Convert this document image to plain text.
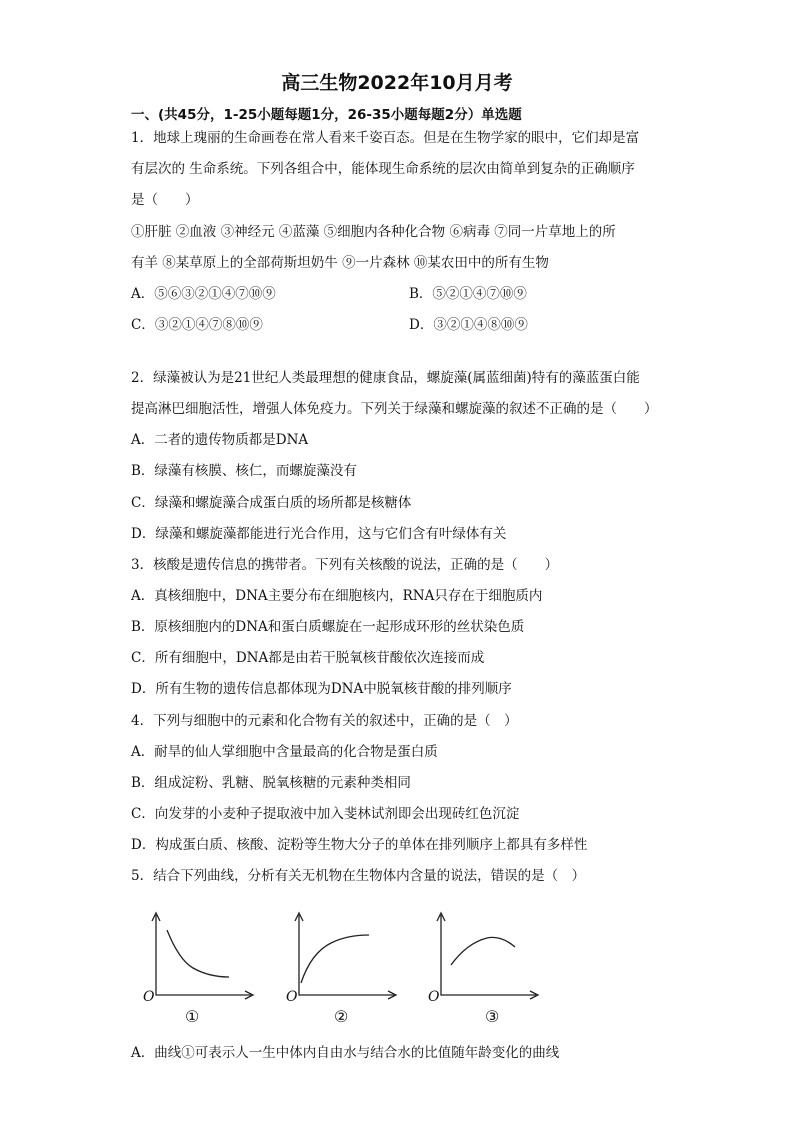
高三生物2022年10月月考
一、(共45分，1-25小题每题1分，26-35小题每题2分）单选题
1．地球上瑰丽的生命画卷在常人看来千姿百态。但是在生物学家的眼中，它们却是富
有层次的 生命系统。下列各组合中，能体现生命系统的层次由简单到复杂的正确顺序
是（　　）
①肝脏 ②血液 ③神经元 ④蓝藻 ⑤细胞内各种化合物 ⑥病毒 ⑦同一片草地上的所
有羊 ⑧某草原上的全部荷斯坦奶牛 ⑨一片森林 ⑩某农田中的所有生物
A．⑤⑥③②①④⑦⑩⑨	B．⑤②①④⑦⑩⑨
C．③②①④⑦⑧⑩⑨	D．③②①④⑧⑩⑨
2．绿藻被认为是21世纪人类最理想的健康食品，螺旋藻(属蓝细菌)特有的藻蓝蛋白能
提高淋巴细胞活性，增强人体免疫力。下列关于绿藻和螺旋藻的叙述不正确的是（　　）
A．二者的遗传物质都是DNA
B．绿藻有核膜、核仁，而螺旋藻没有
C．绿藻和螺旋藻合成蛋白质的场所都是核糖体
D．绿藻和螺旋藻都能进行光合作用，这与它们含有叶绿体有关
3．核酸是遗传信息的携带者。下列有关核酸的说法，正确的是（　　）
A．真核细胞中，DNA主要分布在细胞核内，RNA只存在于细胞质内
B．原核细胞内的DNA和蛋白质螺旋在一起形成环形的丝状染色质
C．所有细胞中，DNA都是由若干脱氧核苷酸依次连接而成
D．所有生物的遗传信息都体现为DNA中脱氧核苷酸的排列顺序
4．下列与细胞中的元素和化合物有关的叙述中，正确的是（　）
A．耐旱的仙人掌细胞中含量最高的化合物是蛋白质
B．组成淀粉、乳糖、脱氧核糖的元素种类相同
C．向发芽的小麦种子提取液中加入斐林试剂即会出现砖红色沉淀
D．构成蛋白质、核酸、淀粉等生物大分子的单体在排列顺序上都具有多样性
5．结合下列曲线，分析有关无机物在生物体内含量的说法，错误的是（　）
O	O	O
①	②	③
A．曲线①可表示人一生中体内自由水与结合水的比值随年龄变化的曲线
